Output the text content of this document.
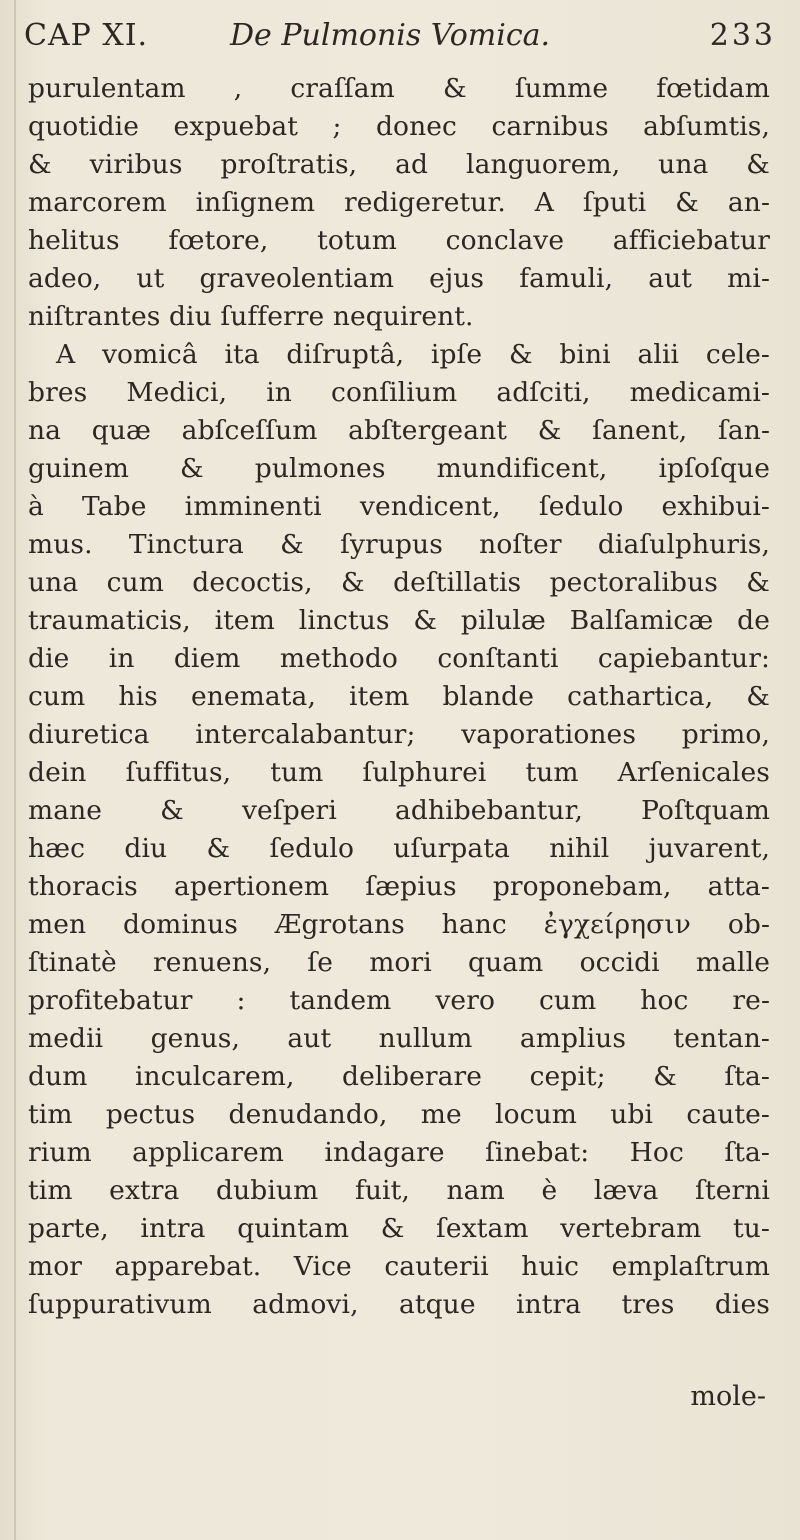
CAP XI.	De Pulmonis Vomica.	233
purulentam , craſſam & ſumme fœtidam
quotidie expuebat ; donec carnibus abſumtis,
& viribus proſtratis, ad languorem, una &
marcorem inſignem redigeretur. A ſputi & an-
helitus fœtore, totum conclave afficiebatur
adeo, ut graveolentiam ejus famuli, aut mi-
niſtrantes diu ſufferre nequirent.
A vomicâ ita diſruptâ, ipſe & bini alii cele-
bres Medici, in conſilium adſciti, medicami-
na quæ abſceſſum abſtergeant & ſanent, ſan-
guinem & pulmones mundificent, ipſoſque
à Tabe imminenti vendicent, ſedulo exhibui-
mus. Tinctura & ſyrupus noſter diaſulphuris,
una cum decoctis, & deſtillatis pectoralibus &
traumaticis, item linctus & pilulæ Balſamicæ de
die in diem methodo conſtanti capiebantur:
cum his enemata, item blande cathartica, &
diuretica intercalabantur; vaporationes primo,
dein ſuffitus, tum ſulphurei tum Arſenicales
mane & veſperi adhibebantur, Poſtquam
hæc diu & ſedulo uſurpata nihil juvarent,
thoracis apertionem ſæpius proponebam, atta-
men dominus Ægrotans hanc ἐγχείρησιν ob-
ſtinatè renuens, ſe mori quam occidi malle
profitebatur : tandem vero cum hoc re-
medii genus, aut nullum amplius tentan-
dum inculcarem, deliberare cepit; & ſta-
tim pectus denudando, me locum ubi caute-
rium applicarem indagare ſinebat: Hoc ſta-
tim extra dubium fuit, nam è læva ſterni
parte, intra quintam & ſextam vertebram tu-
mor apparebat. Vice cauterii huic emplaſtrum
ſuppurativum admovi, atque intra tres dies
mole-
